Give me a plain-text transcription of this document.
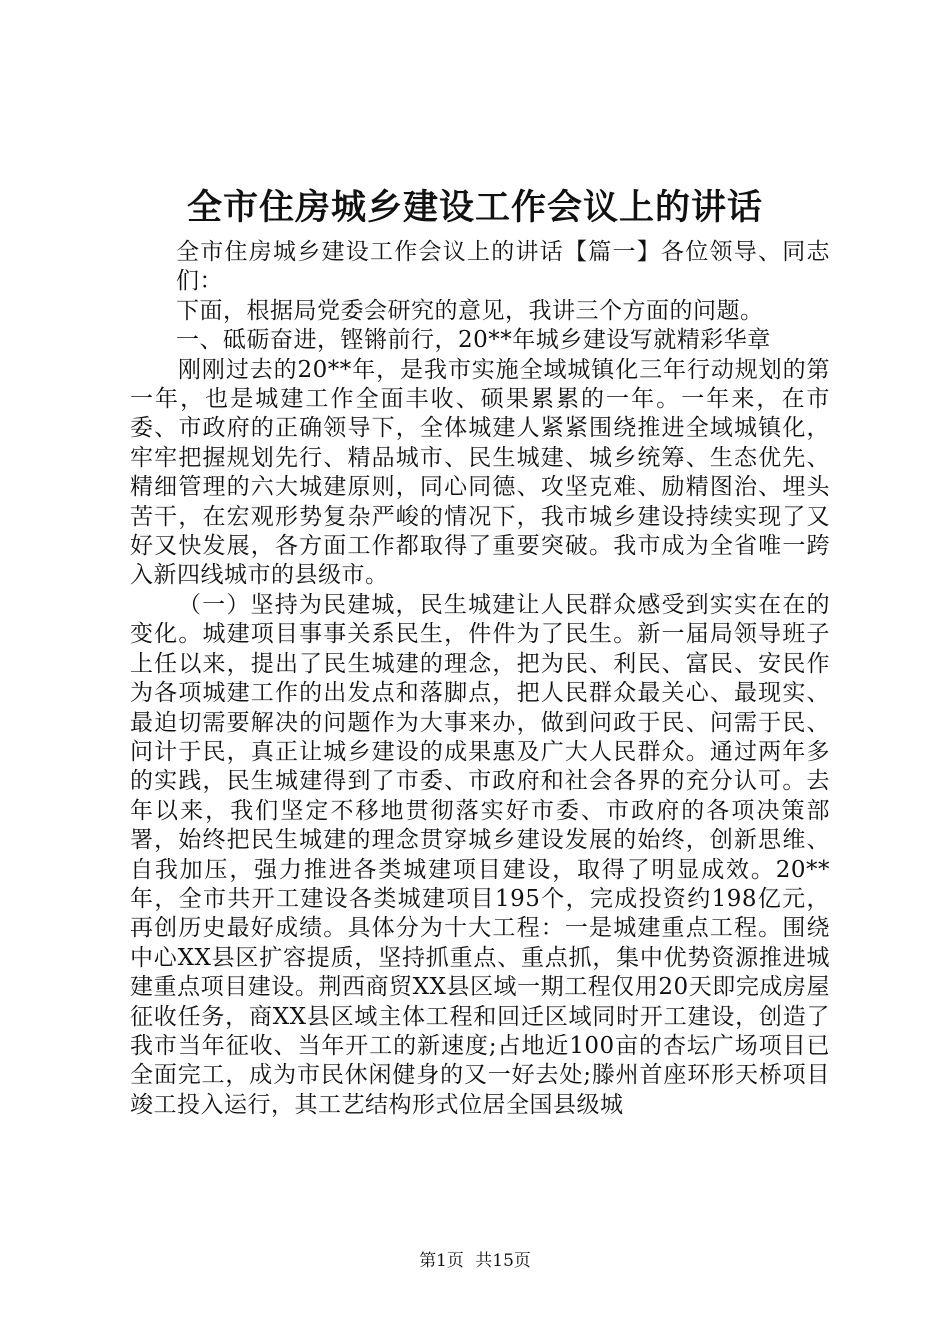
全市住房城乡建设工作会议上的讲话

全市住房城乡建设工作会议上的讲话【篇一】各位领导、同志们：

下面，根据局党委会研究的意见，我讲三个方面的问题。

一、砥砺奋进，铿锵前行，20**年城乡建设写就精彩华章

刚刚过去的20**年，是我市实施全域城镇化三年行动规划的第一年，也是城建工作全面丰收、硕果累累的一年。一年来，在市委、市政府的正确领导下，全体城建人紧紧围绕推进全域城镇化，牢牢把握规划先行、精品城市、民生城建、城乡统筹、生态优先、精细管理的六大城建原则，同心同德、攻坚克难、励精图治、埋头苦干，在宏观形势复杂严峻的情况下，我市城乡建设持续实现了又好又快发展，各方面工作都取得了重要突破。我市成为全省唯一跨入新四线城市的县级市。

（一）坚持为民建城，民生城建让人民群众感受到实实在在的变化。城建项目事事关系民生，件件为了民生。新一届局领导班子上任以来，提出了民生城建的理念，把为民、利民、富民、安民作为各项城建工作的出发点和落脚点，把人民群众最关心、最现实、最迫切需要解决的问题作为大事来办，做到问政于民、问需于民、问计于民，真正让城乡建设的成果惠及广大人民群众。通过两年多的实践，民生城建得到了市委、市政府和社会各界的充分认可。去年以来，我们坚定不移地贯彻落实好市委、市政府的各项决策部署，始终把民生城建的理念贯穿城乡建设发展的始终，创新思维、自我加压，强力推进各类城建项目建设，取得了明显成效。20**年，全市共开工建设各类城建项目195个，完成投资约198亿元，再创历史最好成绩。具体分为十大工程：一是城建重点工程。围绕中心XX县区扩容提质，坚持抓重点、重点抓，集中优势资源推进城建重点项目建设。荆西商贸XX县区域一期工程仅用20天即完成房屋征收任务，商XX县区域主体工程和回迁区域同时开工建设，创造了我市当年征收、当年开工的新速度;占地近100亩的杏坛广场项目已全面完工，成为市民休闲健身的又一好去处;滕州首座环形天桥项目竣工投入运行，其工艺结构形式位居全国县级城

第1页 共15页
